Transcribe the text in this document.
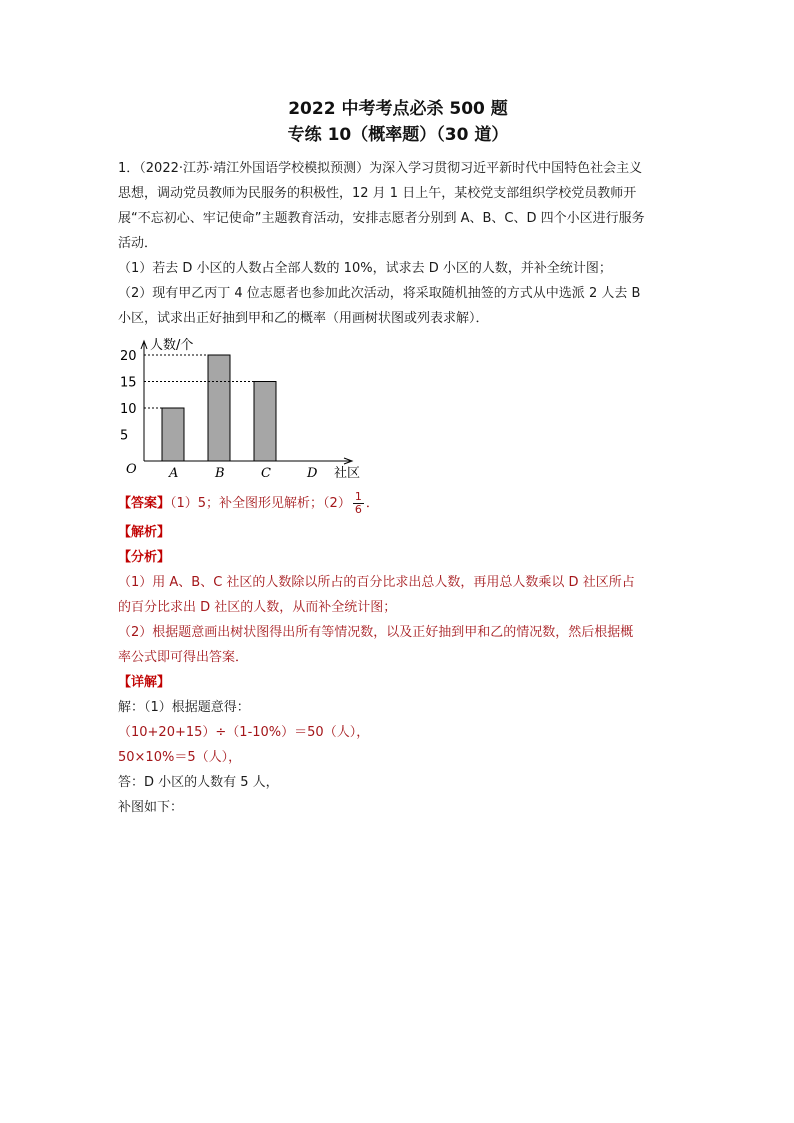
2022 中考考点必杀 500 题
专练 10（概率题）（30 道）

1．（2022·江苏·靖江外国语学校模拟预测）为深入学习贯彻习近平新时代中国特色社会主义

思想，调动党员教师为民服务的积极性，12 月 1 日上午，某校党支部组织学校党员教师开

展“不忘初心、牢记使命”主题教育活动，安排志愿者分别到 A、B、C、D 四个小区进行服务

活动．

（1）若去 D 小区的人数占全部人数的 10%，试求去 D 小区的人数，并补全统计图；

（2）现有甲乙丙丁 4 位志愿者也参加此次活动，将采取随机抽签的方式从中选派 2 人去 B

小区，试求出正好抽到甲和乙的概率（用画树状图或列表求解）．

人数/个
社区
O
5
10
15
20
A	B	C	D

【答案】（1）5；补全图形见解析；$(2) \frac{1}{6}$ ．

【解析】

【分析】

（1）用 A、B、C 社区的人数除以所占的百分比求出总人数，再用总人数乘以 D 社区所占

的百分比求出 D 社区的人数，从而补全统计图；

（2）根据题意画出树状图得出所有等情况数，以及正好抽到甲和乙的情况数，然后根据概

率公式即可得出答案．

【详解】

解：（1）根据题意得：

（10+20+15）÷（1-10%）＝50（人），

50×10%＝5（人），

答：D 小区的人数有 5 人，

补图如下：
